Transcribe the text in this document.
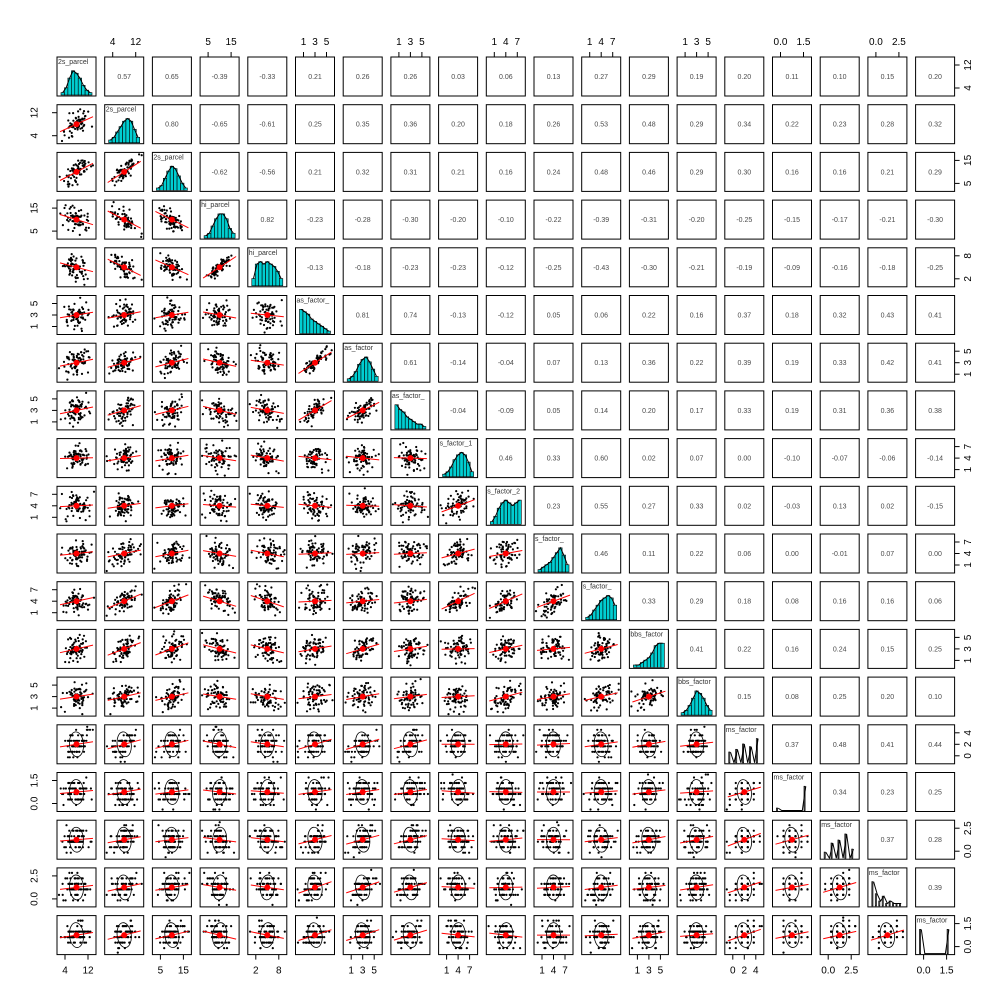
2s_parcel
0.57	0.65	-0.39	-0.33	0.21	0.26	0.26	0.03	0.06	0.13	0.27	0.29	0.19	0.20	0.11	0.10	0.15	0.20
2s_parcel
0.80	-0.65	-0.61	0.25	0.35	0.36	0.20	0.18	0.26	0.53	0.48	0.29	0.34	0.22	0.23	0.28	0.32
2s_parcel
-0.62	-0.56	0.21	0.32	0.31	0.21	0.16	0.24	0.48	0.46	0.29	0.30	0.16	0.16	0.21	0.29
hi_parcel
0.82	-0.23	-0.28	-0.30	-0.20	-0.10	-0.22	-0.39	-0.31	-0.20	-0.25	-0.15	-0.17	-0.21	-0.30
hi_parcel
-0.13	-0.18	-0.23	-0.23	-0.12	-0.25	-0.43	-0.30	-0.21	-0.19	-0.09	-0.16	-0.18	-0.25
as_factor_
0.81	0.74	-0.13	-0.12	0.05	0.06	0.22	0.16	0.37	0.18	0.32	0.43	0.41
as_factor
0.61	-0.14	-0.04	0.07	0.13	0.36	0.22	0.39	0.19	0.33	0.42	0.41
as_factor_
-0.04	-0.09	0.05	0.14	0.20	0.17	0.33	0.19	0.31	0.36	0.38
s_factor_1
0.46	0.33	0.60	0.02	0.07	0.00	-0.10	-0.07	-0.06	-0.14
s_factor_2
0.23	0.55	0.27	0.33	0.02	-0.03	0.13	0.02	-0.15
s_factor_
0.46	0.11	0.22	0.06	0.00	-0.01	0.07	0.00
s_factor_
0.33	0.29	0.18	0.08	0.16	0.16	0.06
bbs_factor
0.41	0.22	0.16	0.24	0.15	0.25
bbs_factor
0.15	0.08	0.25	0.20	0.10
ms_factor
0.37	0.48	0.41	0.44
ms_factor
0.34	0.23	0.25
ms_factor
0.37	0.28
ms_factor
0.39
ms_factor
4
12
5
15
1
3
5
1
3
5
1
4
7
1
4
7
1
3
5
0.0
1.5
0.0
2.5
4
12
5
15
2
8
1
3
5
1
4
7
1
4
7
1
3
5
0
2
4
0.0
2.5
0.0
1.5
4 12	5 15	1 3 5	1 3 5	1 4 7	1 4 7	1 3 5	0.0 1.5	0.0 2.5
4 12	5 15	2 8	1 3 5	1 4 7	1 4 7	1 3 5	0 2 4	0.0 2.5	0.0 1.5
